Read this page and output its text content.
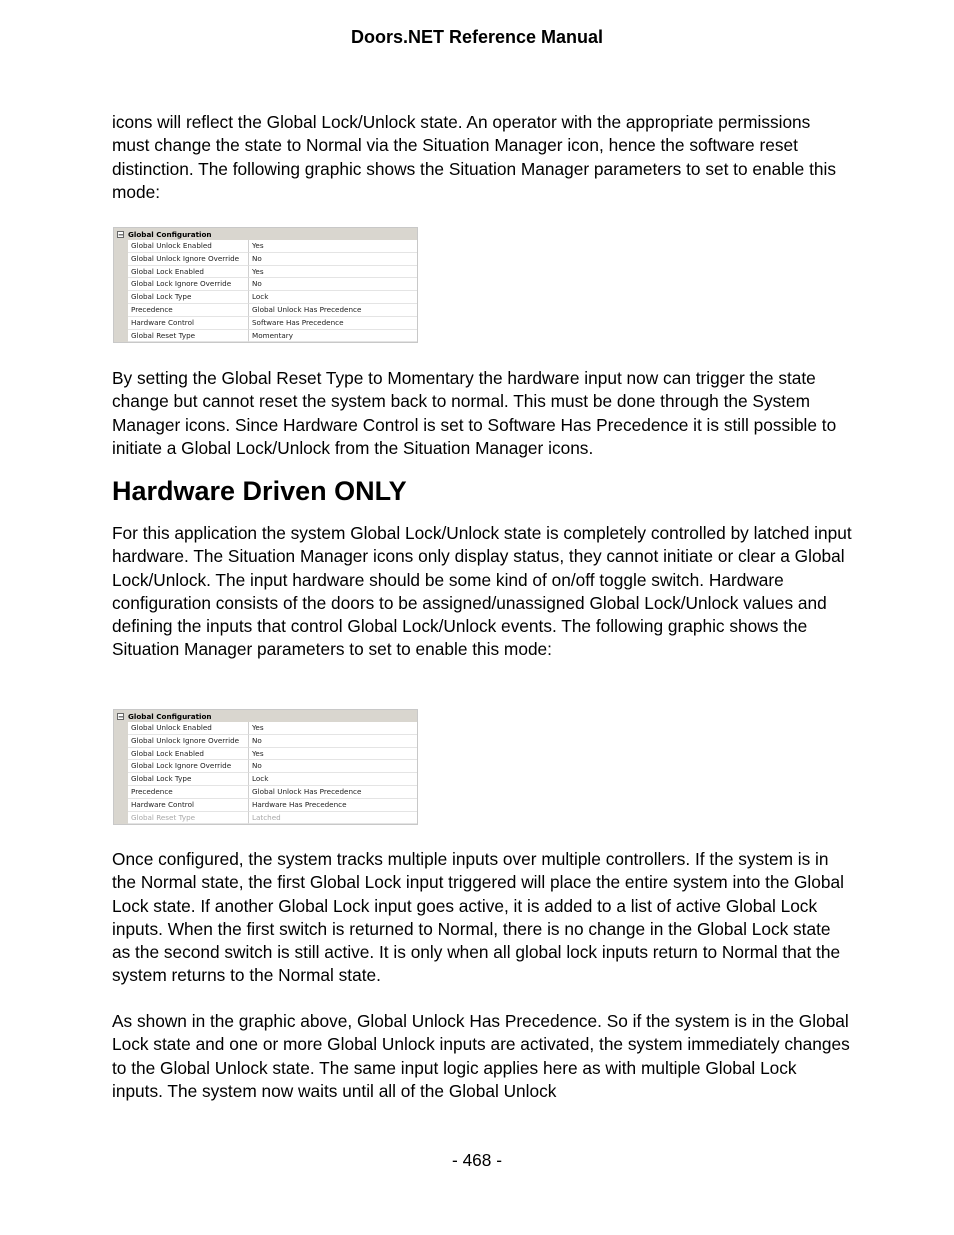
Doors.NET Reference Manual

icons will reflect the Global Lock/Unlock state. An operator with the appropriate permissions must change the state to Normal via the Situation Manager icon, hence the software reset distinction. The following graphic shows the Situation Manager parameters to set to enable this mode:

− Global Configuration
Global Unlock Enabled	Yes
Global Unlock Ignore Override	No
Global Lock Enabled	Yes
Global Lock Ignore Override	No
Global Lock Type	Lock
Precedence	Global Unlock Has Precedence
Hardware Control	Software Has Precedence
Global Reset Type	Momentary

By setting the Global Reset Type to Momentary the hardware input now can trigger the state change but cannot reset the system back to normal. This must be done through the System Manager icons. Since Hardware Control is set to Software Has Precedence it is still possible to initiate a Global Lock/Unlock from the Situation Manager icons.

Hardware Driven ONLY

For this application the system Global Lock/Unlock state is completely controlled by latched input hardware. The Situation Manager icons only display status, they cannot initiate or clear a Global Lock/Unlock. The input hardware should be some kind of on/off toggle switch. Hardware configuration consists of the doors to be assigned/unassigned Global Lock/Unlock values and defining the inputs that control Global Lock/Unlock events. The following graphic shows the Situation Manager parameters to set to enable this mode:

− Global Configuration
Global Unlock Enabled	Yes
Global Unlock Ignore Override	No
Global Lock Enabled	Yes
Global Lock Ignore Override	No
Global Lock Type	Lock
Precedence	Global Unlock Has Precedence
Hardware Control	Hardware Has Precedence
Global Reset Type	Latched

Once configured, the system tracks multiple inputs over multiple controllers. If the system is in the Normal state, the first Global Lock input triggered will place the entire system into the Global Lock state. If another Global Lock input goes active, it is added to a list of active Global Lock inputs. When the first switch is returned to Normal, there is no change in the Global Lock state as the second switch is still active. It is only when all global lock inputs return to Normal that the system returns to the Normal state.

As shown in the graphic above, Global Unlock Has Precedence. So if the system is in the Global Lock state and one or more Global Unlock inputs are activated, the system immediately changes to the Global Unlock state. The same input logic applies here as with multiple Global Lock inputs. The system now waits until all of the Global Unlock

- 468 -
